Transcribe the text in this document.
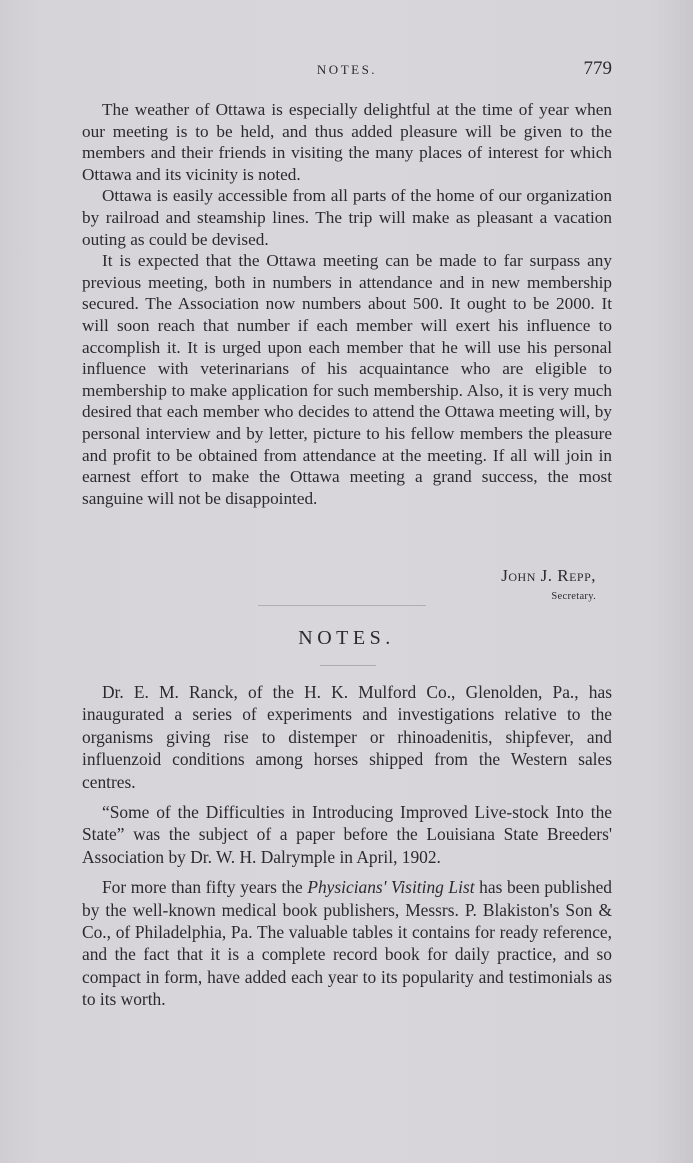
NOTES.	779

The weather of Ottawa is especially delightful at the time of year when our meeting is to be held, and thus added pleasure will be given to the members and their friends in visiting the many places of interest for which Ottawa and its vicinity is noted.

Ottawa is easily accessible from all parts of the home of our organization by railroad and steamship lines. The trip will make as pleasant a vacation outing as could be devised.

It is expected that the Ottawa meeting can be made to far surpass any previous meeting, both in numbers in attendance and in new membership secured. The Association now numbers about 500. It ought to be 2000. It will soon reach that number if each member will exert his influence to accomplish it. It is urged upon each member that he will use his personal influence with veterinarians of his acquaintance who are eligible to membership to make application for such membership. Also, it is very much desired that each member who decides to attend the Ottawa meeting will, by personal interview and by letter, picture to his fellow members the pleasure and profit to be obtained from attendance at the meeting. If all will join in earnest effort to make the Ottawa meeting a grand success, the most sanguine will not be disappointed.

John J. Repp,
Secretary.
NOTES.

Dr. E. M. Ranck, of the H. K. Mulford Co., Glenolden, Pa., has inaugurated a series of experiments and investigations relative to the organisms giving rise to distemper or rhinoadenitis, shipfever, and influenzoid conditions among horses shipped from the Western sales centres.

“Some of the Difficulties in Introducing Improved Live-stock Into the State” was the subject of a paper before the Louisiana State Breeders' Association by Dr. W. H. Dalrymple in April, 1902.

For more than fifty years the Physicians' Visiting List has been published by the well-known medical book publishers, Messrs. P. Blakiston's Son & Co., of Philadelphia, Pa. The valuable tables it contains for ready reference, and the fact that it is a complete record book for daily practice, and so compact in form, have added each year to its popularity and testimonials as to its worth.
